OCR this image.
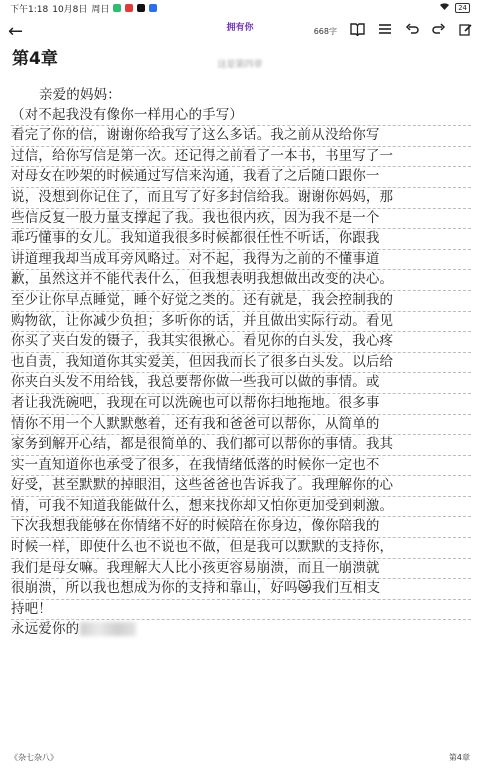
下午1:18 10月8日 周日	24
←	拥有你	668字
第4章	这是第四章
亲爱的妈妈：
（对不起我没有像你一样用心的手写）
看完了你的信，谢谢你给我写了这么多话。我之前从没给你写
过信，给你写信是第一次。还记得之前看了一本书，书里写了一
对母女在吵架的时候通过写信来沟通，我看了之后随口跟你一
说，没想到你记住了，而且写了好多封信给我。谢谢你妈妈，那
些信反复一股力量支撑起了我。我也很内疚，因为我不是一个
乖巧懂事的女儿。我知道我很多时候都很任性不听话，你跟我
讲道理我却当成耳旁风略过。对不起，我得为之前的不懂事道
歉，虽然这并不能代表什么，但我想表明我想做出改变的决心。
至少让你早点睡觉，睡个好觉之类的。还有就是，我会控制我的
购物欲，让你减少负担；多听你的话，并且做出实际行动。看见
你买了夹白发的镊子，我其实很揪心。看见你的白头发，我心疼
也自责，我知道你其实爱美，但因我而长了很多白头发。以后给
你夹白头发不用给钱，我总要帮你做一些我可以做的事情。或
者让我洗碗吧，我现在可以洗碗也可以帮你扫地拖地。很多事
情你不用一个人默默憋着，还有我和爸爸可以帮你，从简单的
家务到解开心结，都是很简单的、我们都可以帮你的事情。我其
实一直知道你也承受了很多，在我情绪低落的时候你一定也不
好受，甚至默默的掉眼泪，这些爸爸也告诉我了。我理解你的心
情，可我不知道我能做什么，想来找你却又怕你更加受到刺激。
下次我想我能够在你情绪不好的时候陪在你身边，像你陪我的
时候一样，即使什么也不说也不做，但是我可以默默的支持你，
我们是母女嘛。我理解大人比小孩更容易崩溃，而且一崩溃就
很崩溃，所以我也想成为你的支持和靠山，好吗😿我们互相支
持吧！
永远爱你的
《杂七杂八》	第4章
